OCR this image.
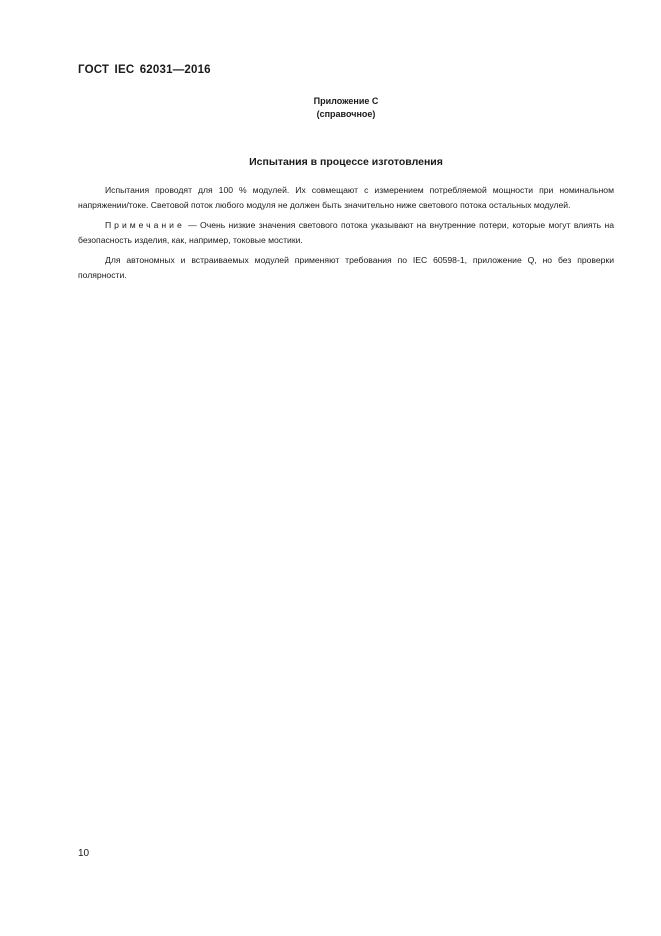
ГОСТ IEC 62031—2016
Приложение С
(справочное)
Испытания в процессе изготовления

Испытания проводят для 100 % модулей. Их совмещают с измерением потребляемой мощности при номинальном напряжении/токе. Световой поток любого модуля не должен быть значительно ниже светового потока остальных модулей.

Примечание — Очень низкие значения светового потока указывают на внутренние потери, которые могут влиять на безопасность изделия, как, например, токовые мостики.

Для автономных и встраиваемых модулей применяют требования по IEC 60598-1, приложение Q, но без проверки полярности.

10
